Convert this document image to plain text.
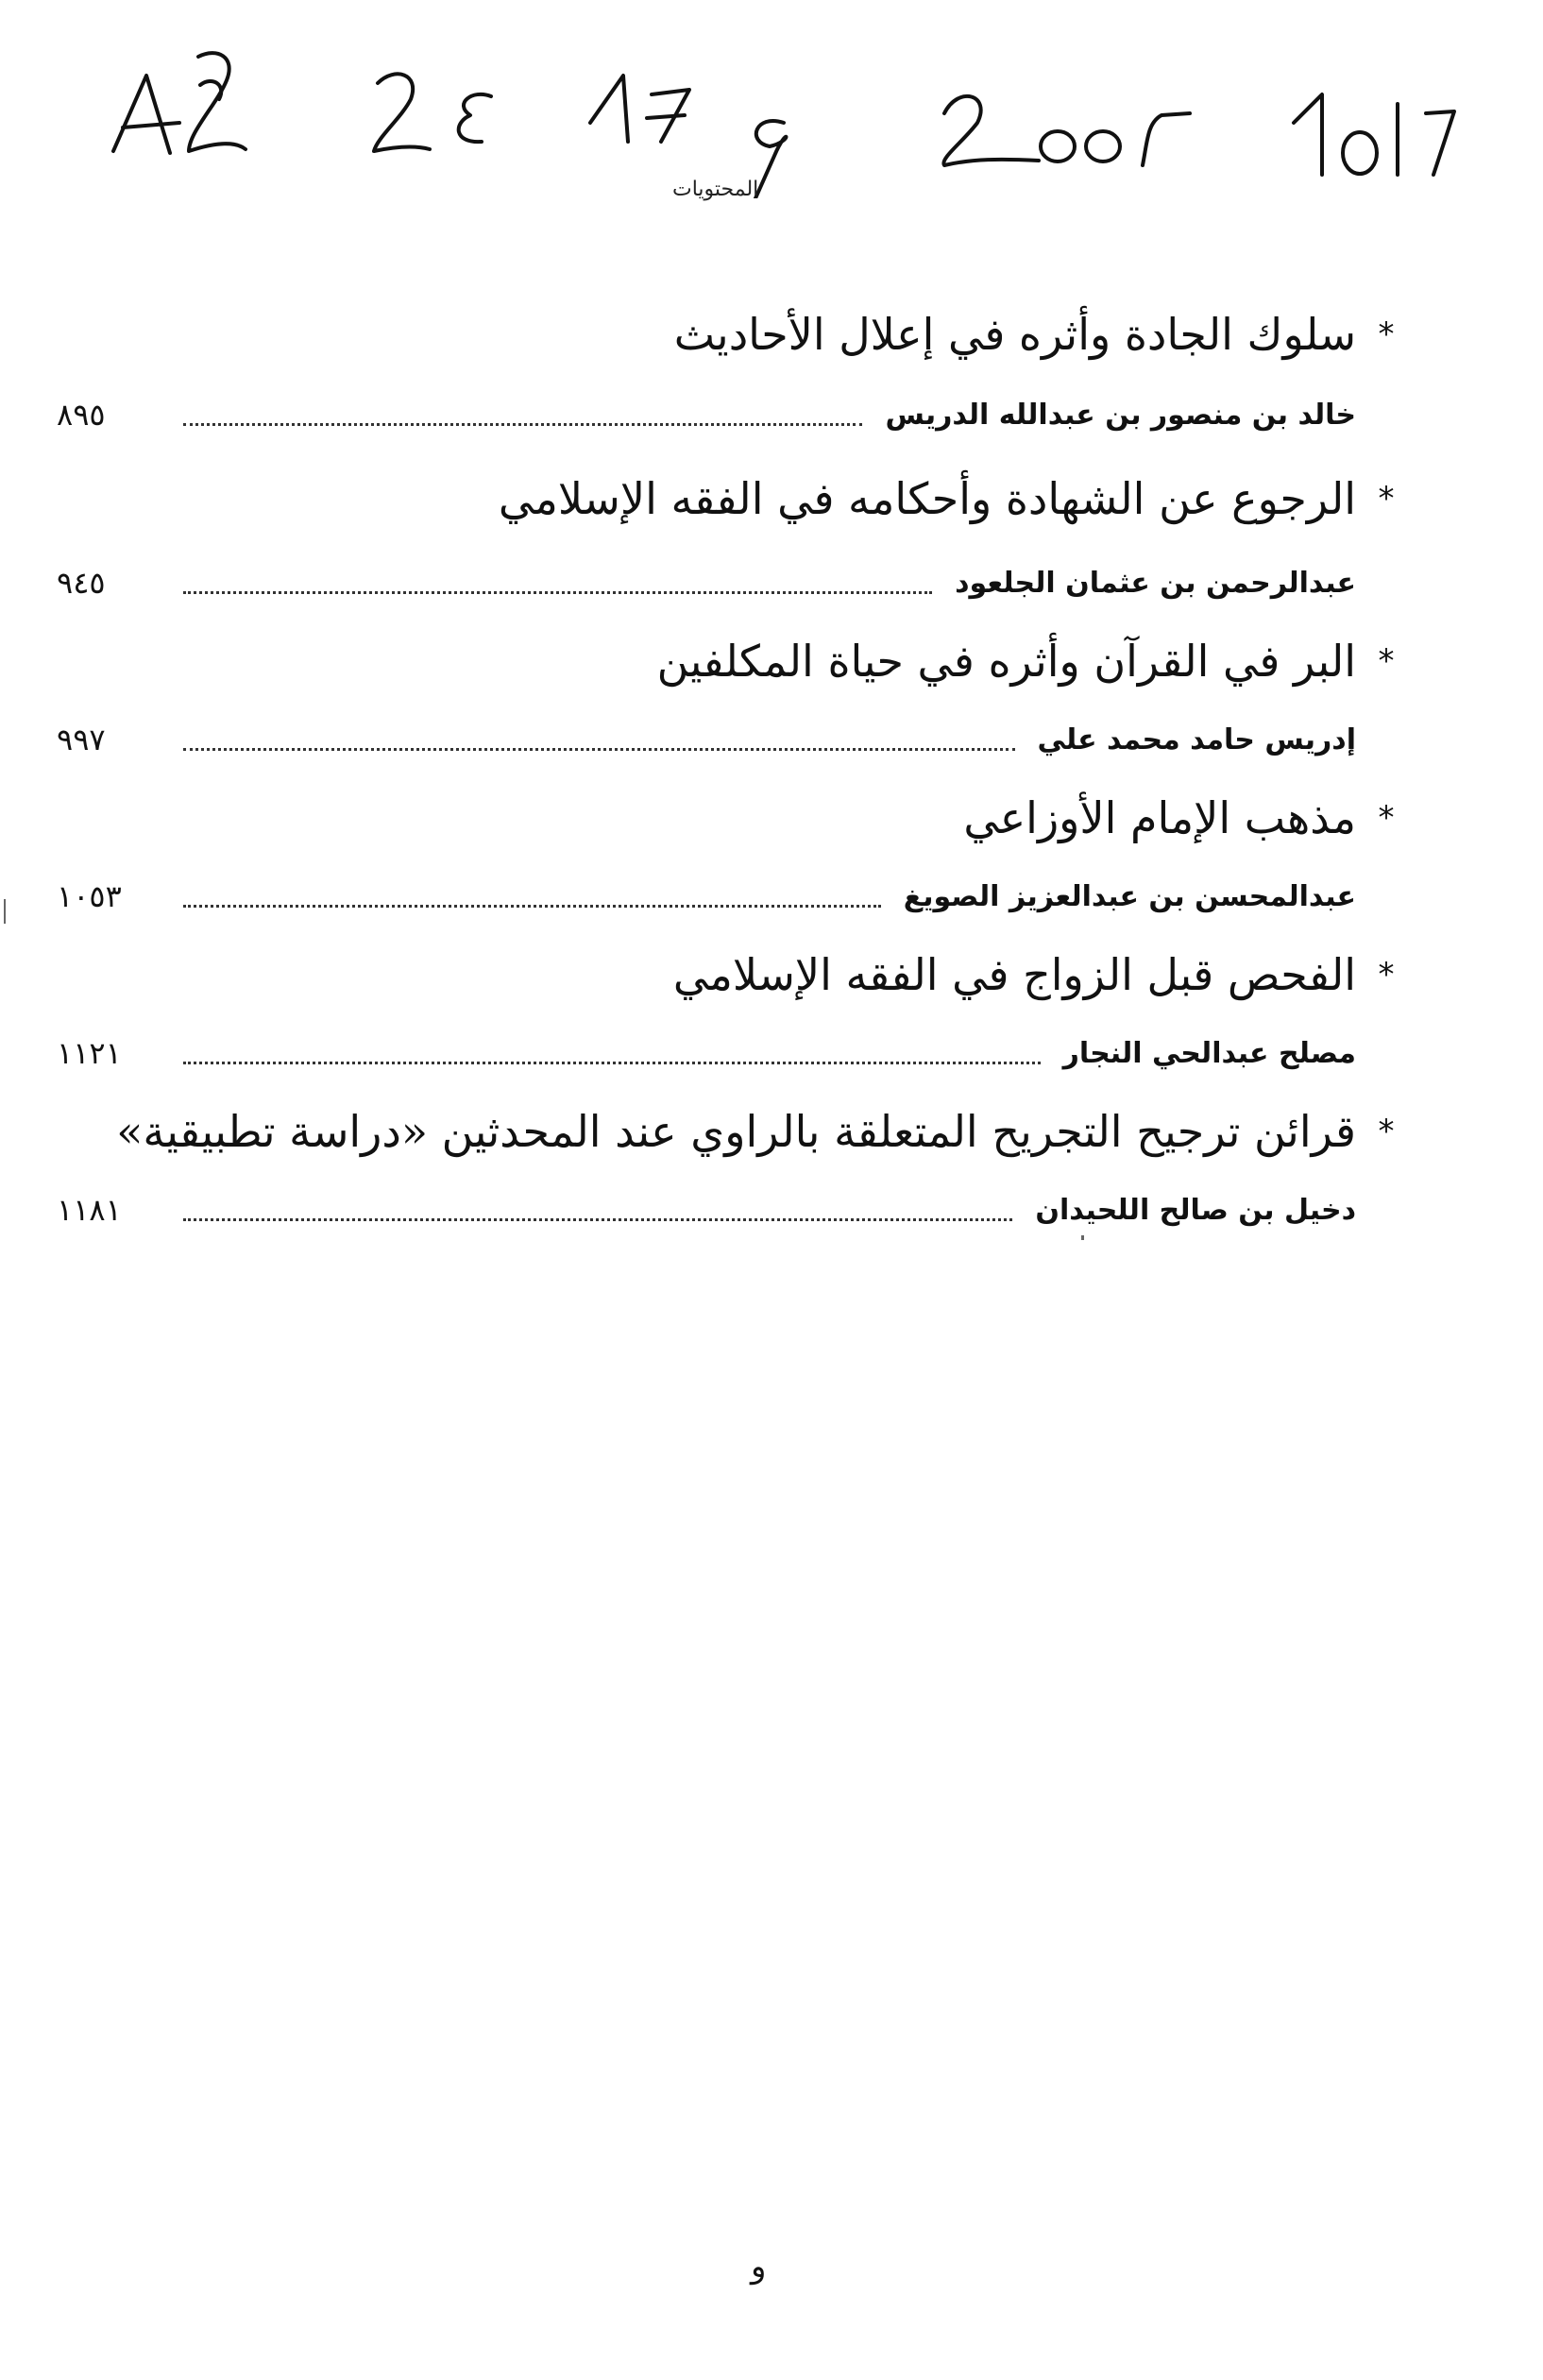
المحتويات
*
سلوك الجادة وأثره في إعلال الأحاديث
خالد بن منصور بن عبدالله الدريس
٨٩٥
*
الرجوع عن الشهادة وأحكامه في الفقه الإسلامي
عبدالرحمن بن عثمان الجلعود
٩٤٥
*
البر في القرآن وأثره في حياة المكلفين
إدريس حامد محمد علي
٩٩٧
*
مذهب الإمام الأوزاعي
عبدالمحسن بن عبدالعزيز الصويغ
١٠٥٣
*
الفحص قبل الزواج في الفقه الإسلامي
مصلح عبدالحي النجار
١١٢١
*
قرائن ترجيح التجريح المتعلقة بالراوي عند المحدثين «دراسة تطبيقية»
دخيل بن صالح اللحيدان
١١٨١
و
